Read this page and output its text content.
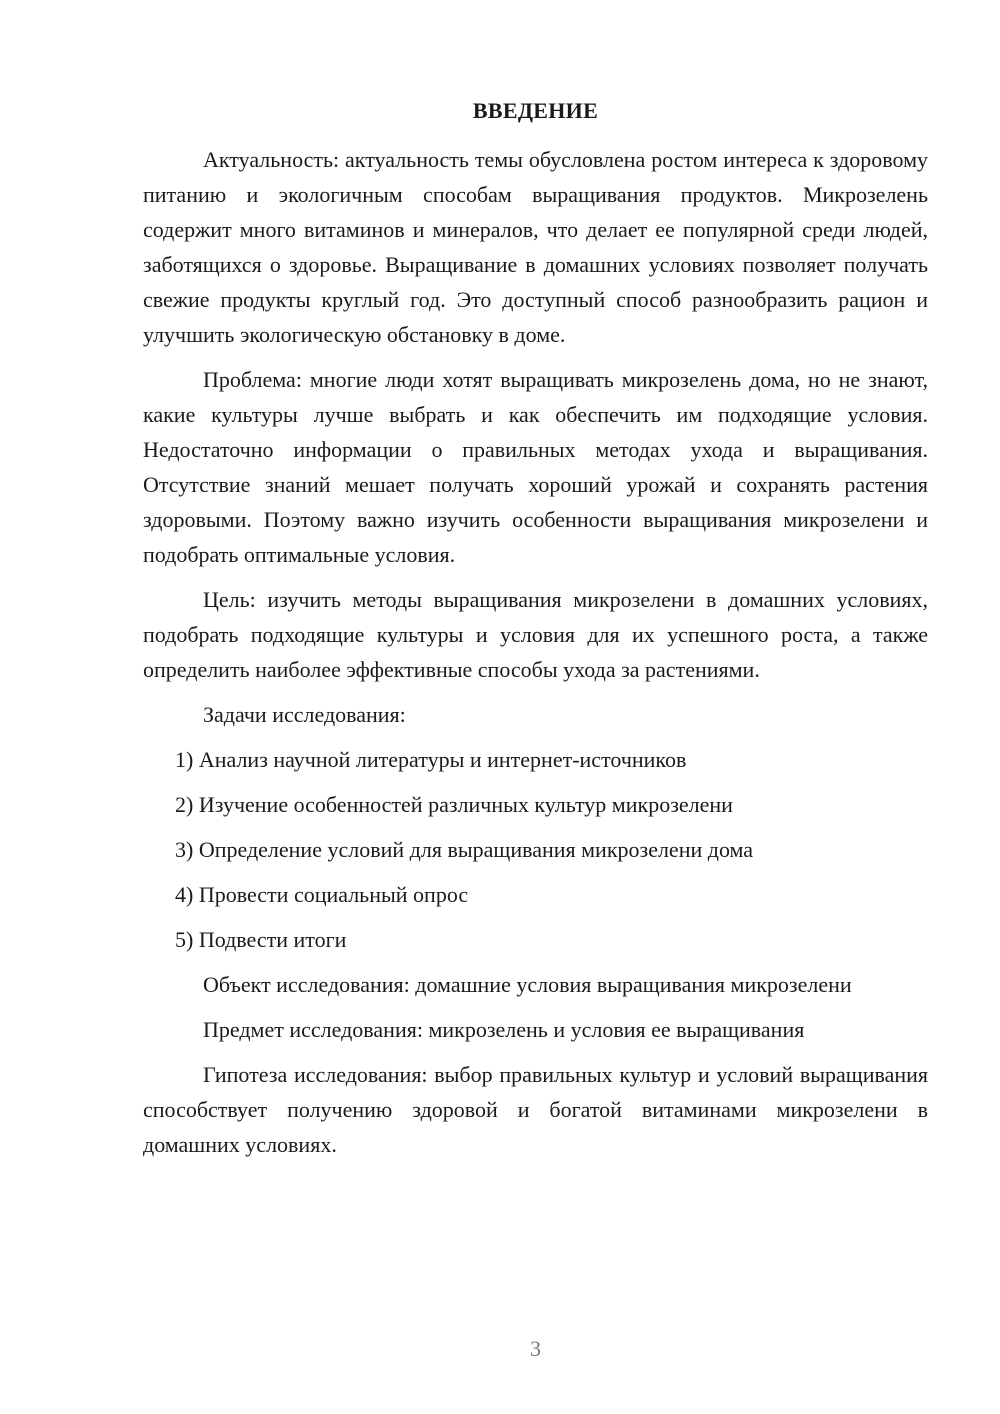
ВВЕДЕНИЕ

Актуальность: актуальность темы обусловлена ростом интереса к здоровому питанию и экологичным способам выращивания продуктов. Микрозелень содержит много витаминов и минералов, что делает ее популярной среди людей, заботящихся о здоровье. Выращивание в домашних условиях позволяет получать свежие продукты круглый год. Это доступный способ разнообразить рацион и улучшить экологическую обстановку в доме.

Проблема: многие люди хотят выращивать микрозелень дома, но не знают, какие культуры лучше выбрать и как обеспечить им подходящие условия. Недостаточно информации о правильных методах ухода и выращивания. Отсутствие знаний мешает получать хороший урожай и сохранять растения здоровыми. Поэтому важно изучить особенности выращивания микрозелени и подобрать оптимальные условия.

Цель: изучить методы выращивания микрозелени в домашних условиях, подобрать подходящие культуры и условия для их успешного роста, а также определить наиболее эффективные способы ухода за растениями.

Задачи исследования:

1) Анализ научной литературы и интернет-источников
2) Изучение особенностей различных культур микрозелени
3) Определение условий для выращивания микрозелени дома
4) Провести социальный опрос
5) Подвести итоги

Объект исследования: домашние условия выращивания микрозелени

Предмет исследования: микрозелень и условия ее выращивания

Гипотеза исследования: выбор правильных культур и условий выращивания способствует получению здоровой и богатой витаминами микрозелени в домашних условиях.

3
